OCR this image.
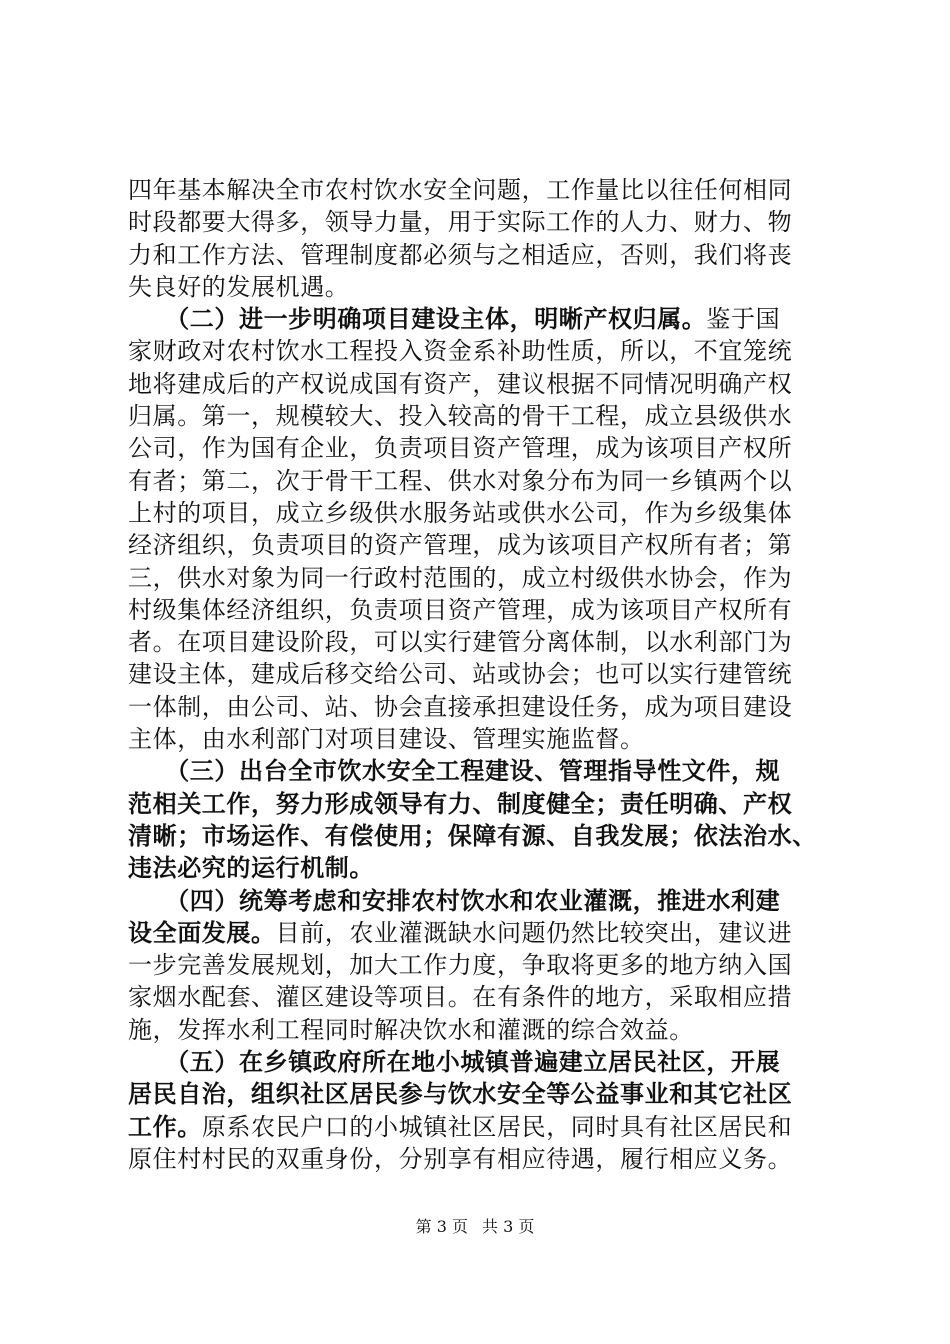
四年基本解决全市农村饮水安全问题，工作量比以往任何相同
时段都要大得多，领导力量，用于实际工作的人力、财力、物
力和工作方法、管理制度都必须与之相适应，否则，我们将丧
失良好的发展机遇。
　　（二）进一步明确项目建设主体，明晰产权归属。鉴于国
家财政对农村饮水工程投入资金系补助性质，所以，不宜笼统
地将建成后的产权说成国有资产，建议根据不同情况明确产权
归属。第一，规模较大、投入较高的骨干工程，成立县级供水
公司，作为国有企业，负责项目资产管理，成为该项目产权所
有者；第二，次于骨干工程、供水对象分布为同一乡镇两个以
上村的项目，成立乡级供水服务站或供水公司，作为乡级集体
经济组织，负责项目的资产管理，成为该项目产权所有者；第
三，供水对象为同一行政村范围的，成立村级供水协会，作为
村级集体经济组织，负责项目资产管理，成为该项目产权所有
者。在项目建设阶段，可以实行建管分离体制，以水利部门为
建设主体，建成后移交给公司、站或协会；也可以实行建管统
一体制，由公司、站、协会直接承担建设任务，成为项目建设
主体，由水利部门对项目建设、管理实施监督。
　　（三）出台全市饮水安全工程建设、管理指导性文件，规
范相关工作，努力形成领导有力、制度健全；责任明确、产权
清晰；市场运作、有偿使用；保障有源、自我发展；依法治水、
违法必究的运行机制。
　　（四）统筹考虑和安排农村饮水和农业灌溉，推进水利建
设全面发展。目前，农业灌溉缺水问题仍然比较突出，建议进
一步完善发展规划，加大工作力度，争取将更多的地方纳入国
家烟水配套、灌区建设等项目。在有条件的地方，采取相应措
施，发挥水利工程同时解决饮水和灌溉的综合效益。
　　（五）在乡镇政府所在地小城镇普遍建立居民社区，开展
居民自治，组织社区居民参与饮水安全等公益事业和其它社区
工作。原系农民户口的小城镇社区居民，同时具有社区居民和
原住村村民的双重身份，分别享有相应待遇，履行相应义务。
第 3 页 共 3 页
